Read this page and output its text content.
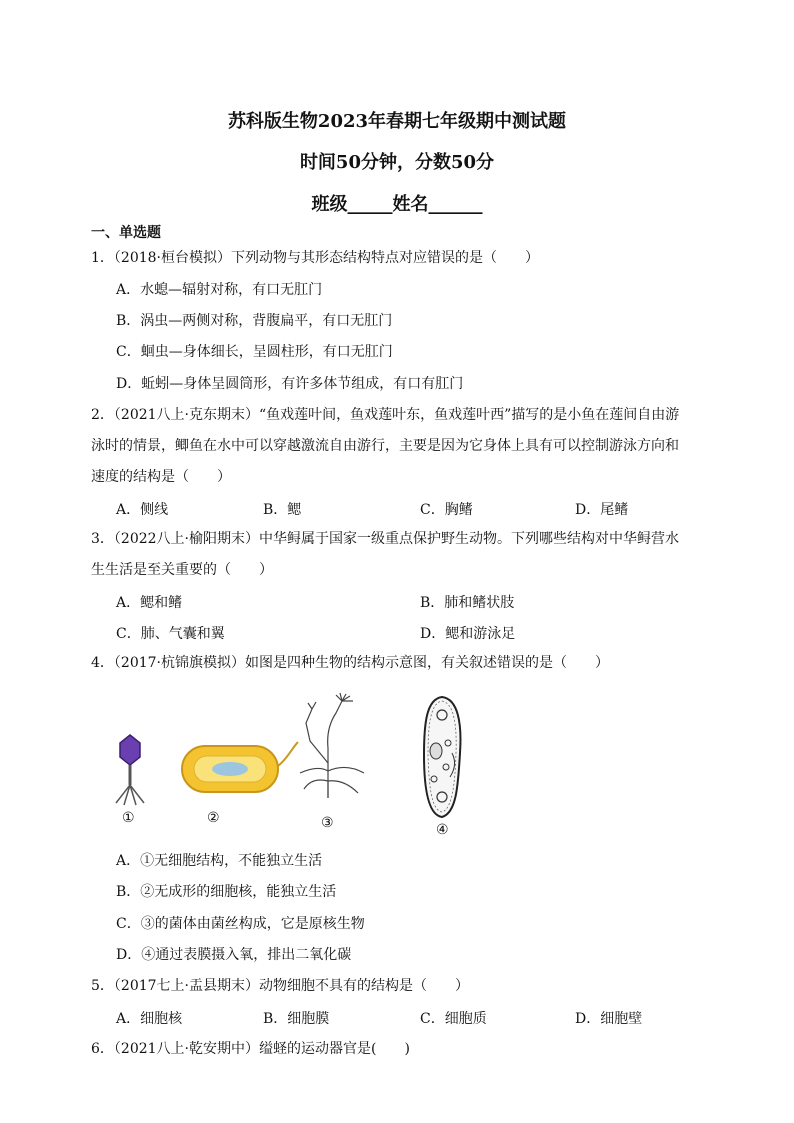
苏科版生物2023年春期七年级期中测试题
时间50分钟，分数50分
班级_____姓名______
一、单选题
1．（2018·桓台模拟）下列动物与其形态结构特点对应错误的是（　　）
A．水螅—辐射对称，有口无肛门
B．涡虫—两侧对称，背腹扁平，有口无肛门
C．蛔虫—身体细长，呈圆柱形，有口无肛门
D．蚯蚓—身体呈圆筒形，有许多体节组成，有口有肛门
2．（2021八上·克东期末）“鱼戏莲叶间，鱼戏莲叶东，鱼戏莲叶西”描写的是小鱼在莲间自由游
泳时的情景，鲫鱼在水中可以穿越激流自由游行，主要是因为它身体上具有可以控制游泳方向和
速度的结构是（　　）
A．侧线	B．鳃	C．胸鳍	D．尾鳍
3．（2022八上·榆阳期末）中华鲟属于国家一级重点保护野生动物。下列哪些结构对中华鲟营水
生生活是至关重要的（　　）
A．鳃和鳍	B．肺和鳍状肢
C．肺、气囊和翼	D．鳃和游泳足
4．（2017·杭锦旗模拟）如图是四种生物的结构示意图，有关叙述错误的是（　　）
①	②	③	④
A．①无细胞结构，不能独立生活
B．②无成形的细胞核，能独立生活
C．③的菌体由菌丝构成，它是原核生物
D．④通过表膜摄入氧，排出二氧化碳
5．（2017七上·盂县期末）动物细胞不具有的结构是（　　）
A．细胞核	B．细胞膜	C．细胞质	D．细胞壁
6．（2021八上·乾安期中）缢蛏的运动器官是(　　)
